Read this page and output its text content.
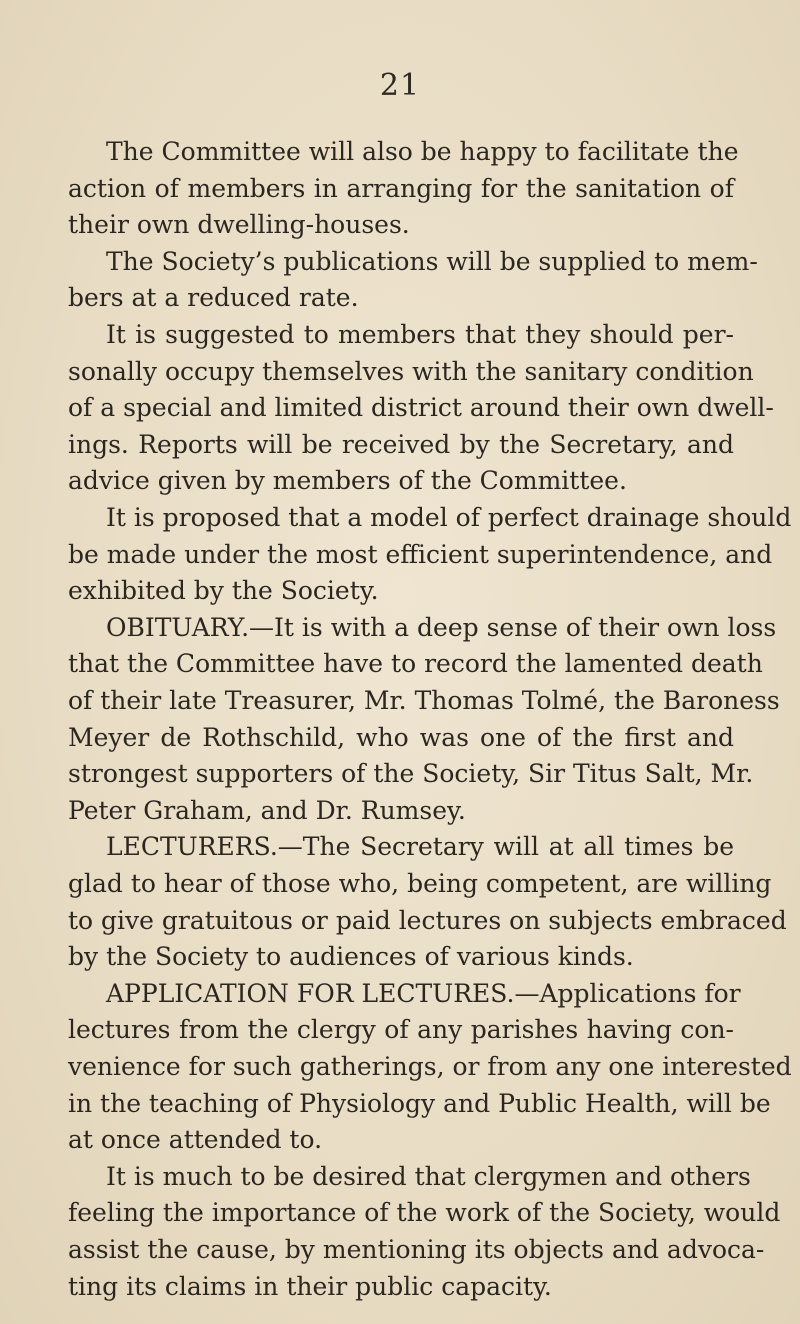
21
The Committee will also be happy to facilitate the
action of members in arranging for the sanitation of
their own dwelling-houses.
The Society’s publications will be supplied to mem-
bers at a reduced rate.
It is suggested to members that they should per-
sonally occupy themselves with the sanitary condition
of a special and limited district around their own dwell-
ings. Reports will be received by the Secretary, and
advice given by members of the Committee.
It is proposed that a model of perfect drainage should
be made under the most efficient superintendence, and
exhibited by the Society.
OBITUARY.—It is with a deep sense of their own loss
that the Committee have to record the lamented death
of their late Treasurer, Mr. Thomas Tolmé, the Baroness
Meyer de Rothschild, who was one of the first and
strongest supporters of the Society, Sir Titus Salt, Mr.
Peter Graham, and Dr. Rumsey.
LECTURERS.—The Secretary will at all times be
glad to hear of those who, being competent, are willing
to give gratuitous or paid lectures on subjects embraced
by the Society to audiences of various kinds.
APPLICATION FOR LECTURES.—Applications for
lectures from the clergy of any parishes having con-
venience for such gatherings, or from any one interested
in the teaching of Physiology and Public Health, will be
at once attended to.
It is much to be desired that clergymen and others
feeling the importance of the work of the Society, would
assist the cause, by mentioning its objects and advoca-
ting its claims in their public capacity.
